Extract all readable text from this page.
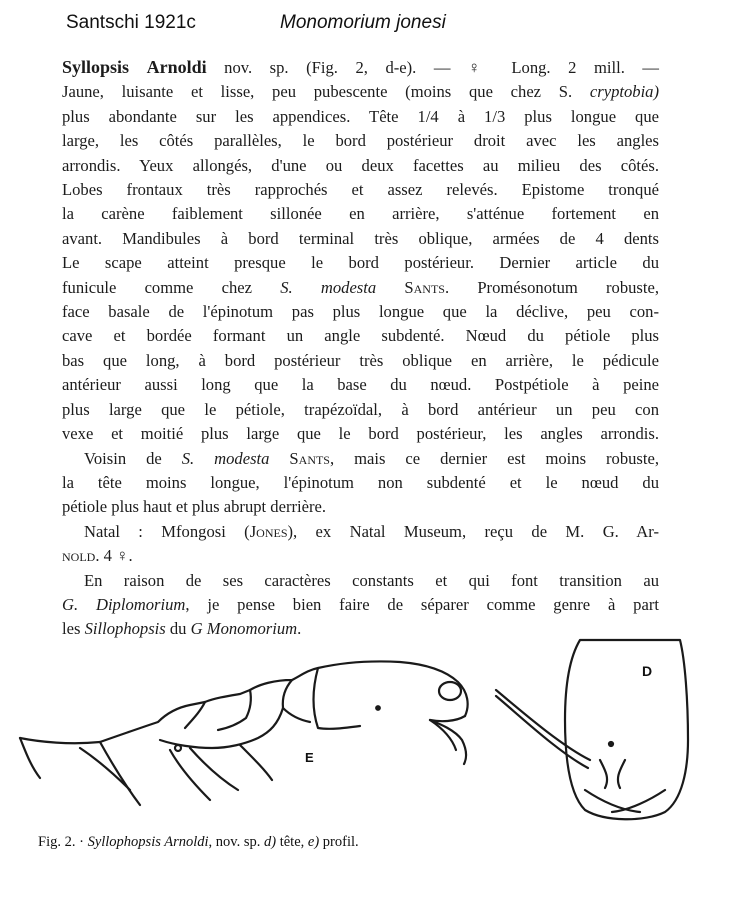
Santschi 1921c	Monomorium jonesi
Syllopsis Arnoldi nov. sp. (Fig. 2, d-e). — ♀ Long. 2 mill. —
Jaune, luisante et lisse, peu pubescente (moins que chez S. cryptobia)
plus abondante sur les appendices. Tête 1/4 à 1/3 plus longue que
large, les côtés parallèles, le bord postérieur droit avec les angles
arrondis. Yeux allongés, d'une ou deux facettes au milieu des côtés.
Lobes frontaux très rapprochés et assez relevés. Epistome tronqué
la carène faiblement sillonée en arrière, s'atténue fortement en
avant. Mandibules à bord terminal très oblique, armées de 4 dents
Le scape atteint presque le bord postérieur. Dernier article du
funicule comme chez S. modesta Sants. Promésonotum robuste,
face basale de l'épinotum pas plus longue que la déclive, peu con-
cave et bordée formant un angle subdenté. Nœud du pétiole plus
bas que long, à bord postérieur très oblique en arrière, le pédicule
antérieur aussi long que la base du nœud. Postpétiole à peine
plus large que le pétiole, trapézoïdal, à bord antérieur un peu con
vexe et moitié plus large que le bord postérieur, les angles arrondis.
Voisin de S. modesta Sants, mais ce dernier est moins robuste,
la tête moins longue, l'épinotum non subdenté et le nœud du
pétiole plus haut et plus abrupt derrière.
Natal : Mfongosi (Jones), ex Natal Museum, reçu de M. G. Ar-
nold. 4 ♀.
En raison de ses caractères constants et qui font transition au
G. Diplomorium, je pense bien faire de séparer comme genre à part
les Sillophopsis du G Monomorium.
E
D
Fig. 2. · Syllophopsis Arnoldi, nov. sp. d) tête, e) profil.
